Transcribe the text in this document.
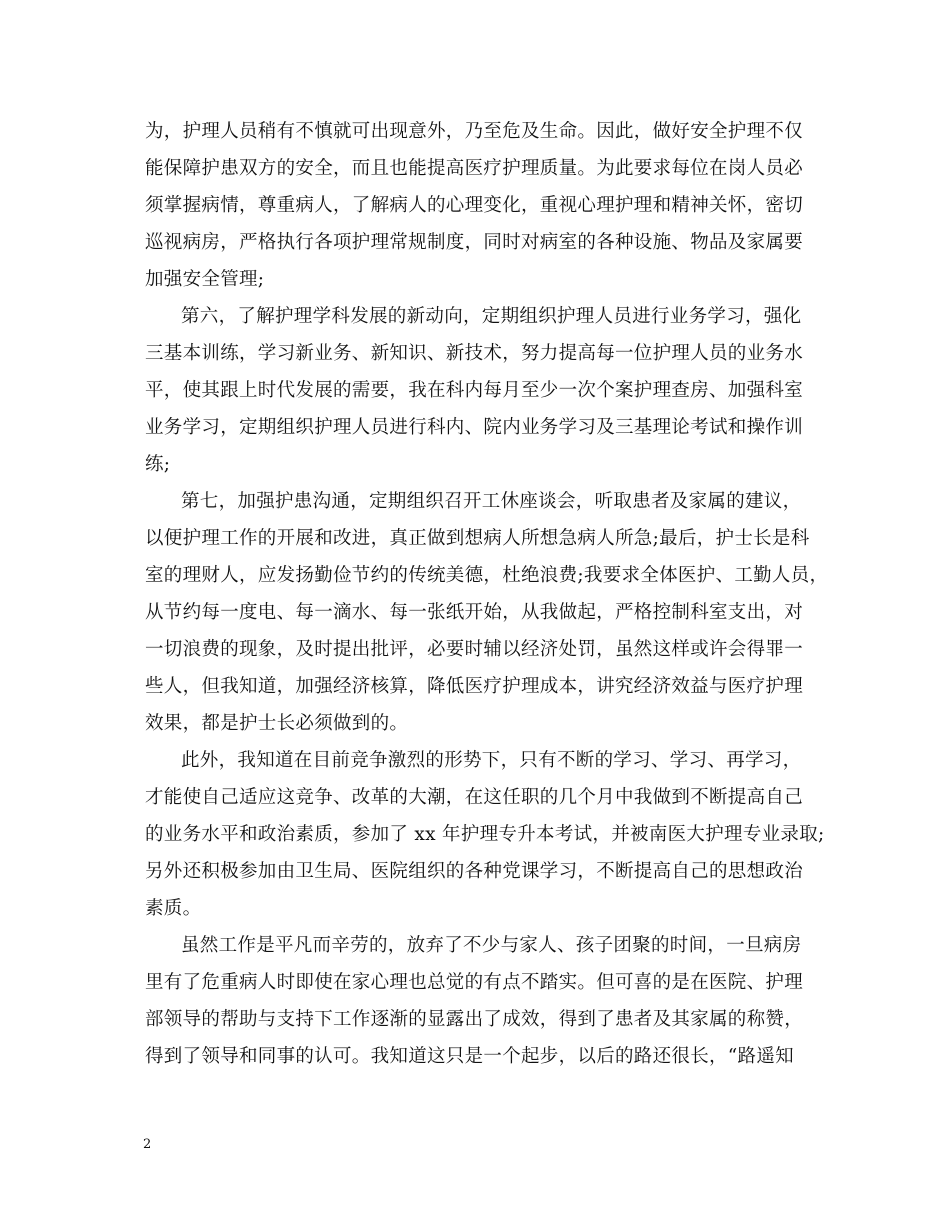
为，护理人员稍有不慎就可出现意外，乃至危及生命。因此，做好安全护理不仅
能保障护患双方的安全，而且也能提高医疗护理质量。为此要求每位在岗人员必
须掌握病情，尊重病人，了解病人的心理变化，重视心理护理和精神关怀，密切
巡视病房，严格执行各项护理常规制度，同时对病室的各种设施、物品及家属要
加强安全管理;
第六，了解护理学科发展的新动向，定期组织护理人员进行业务学习，强化
三基本训练，学习新业务、新知识、新技术，努力提高每一位护理人员的业务水
平，使其跟上时代发展的需要，我在科内每月至少一次个案护理查房、加强科室
业务学习，定期组织护理人员进行科内、院内业务学习及三基理论考试和操作训
练;
第七，加强护患沟通，定期组织召开工休座谈会，听取患者及家属的建议，
以便护理工作的开展和改进，真正做到想病人所想急病人所急;最后，护士长是科
室的理财人，应发扬勤俭节约的传统美德，杜绝浪费;我要求全体医护、工勤人员，
从节约每一度电、每一滴水、每一张纸开始，从我做起，严格控制科室支出，对
一切浪费的现象，及时提出批评，必要时辅以经济处罚，虽然这样或许会得罪一
些人，但我知道，加强经济核算，降低医疗护理成本，讲究经济效益与医疗护理
效果，都是护士长必须做到的。
此外，我知道在目前竞争激烈的形势下，只有不断的学习、学习、再学习，
才能使自己适应这竞争、改革的大潮，在这任职的几个月中我做到不断提高自己
的业务水平和政治素质，参加了 xx 年护理专升本考试，并被南医大护理专业录取;
另外还积极参加由卫生局、医院组织的各种党课学习，不断提高自己的思想政治
素质。
虽然工作是平凡而辛劳的，放弃了不少与家人、孩子团聚的时间，一旦病房
里有了危重病人时即使在家心理也总觉的有点不踏实。但可喜的是在医院、护理
部领导的帮助与支持下工作逐渐的显露出了成效，得到了患者及其家属的称赞，
得到了领导和同事的认可。我知道这只是一个起步，以后的路还很长，“路遥知
2
